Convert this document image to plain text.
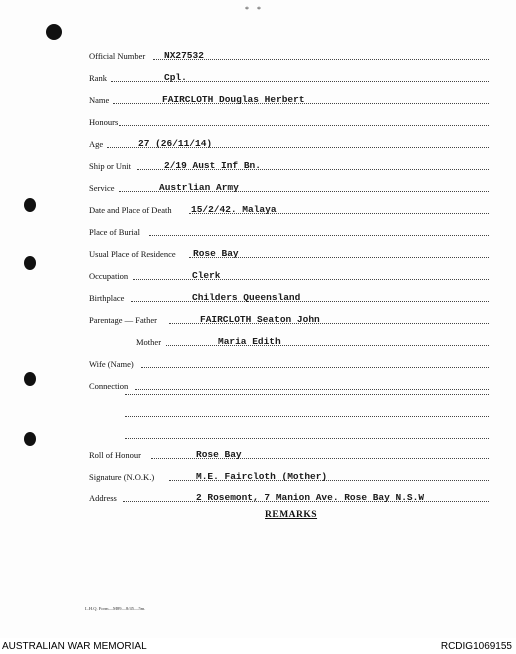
* *
Official Number NX27532
Rank	Cpl.
Name	FAIRCLOTH Douglas Herbert
Honours
Age	27 (26/11/14)
Ship or Unit	2/19 Aust Inf Bn.
Service	Austrlian Army
Date and Place of Death 15/2/42. Malaya
Place of Burial
Usual Place of Residence Rose Bay
Occupation	Clerk
Birthplace	Childers Queensland
Parentage — Father	FAIRCLOTH Seaton John
Mother	Maria Edith
Wife (Name)
Connection
Roll of Honour	Rose Bay
Signature (N.O.K.)	M.E. Faircloth (Mother)
Address	2 Rosemont, 7 Manion Ave. Rose Bay N.S.W
REMARKS
L.H.Q. Form—M89—8/45—5m.
AUSTRALIAN WAR MEMORIAL	RCDIG1069155
